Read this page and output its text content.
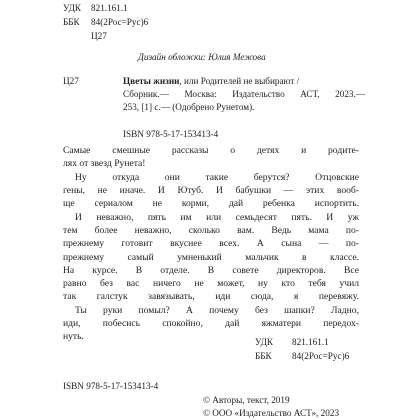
УДК 821.161.1
ББК 84(2Рос=Рус)6
Ц27
Дизайн обложки: Юлия Межова
Ц27	Цветы жизни, или Родителей не выбирают /
Сборник.— Москва: Издательство АСТ, 2023.—
253, [1] с.— (Одобрено Рунетом).
ISBN 978-5-17-153413-4
Самые смешные рассказы о детях и родите-
лях от звезд Рунета!
Ну откуда они такие берутся? Отцовские
гены, не иначе. И Ютуб. И бабушки — этих вооб-
ще сериалом не корми, дай ребенка испортить.
И неважно, пять им или семьдесят пять. И уж
тем более неважно, сколько вам. Ведь мама по-
прежнему готовит вкуснее всех. А сына — по-
прежнему самый умненький мальчик в классе.
На курсе. В отделе. В совете директоров. Все
равно без вас ничего не может, ну кто тебя учил
так галстук завязывать, иди сюда, я перевяжу.
Ты руки помыл? А почему без шапки? Ладно,
иди, побесись спокойно, дай яжматери передох-
нуть.	УДК 821.161.1
ББК 84(2Рос=Рус)6
ISBN 978-5-17-153413-4
© Авторы, текст, 2019
© ООО «Издательство АСТ», 2023
